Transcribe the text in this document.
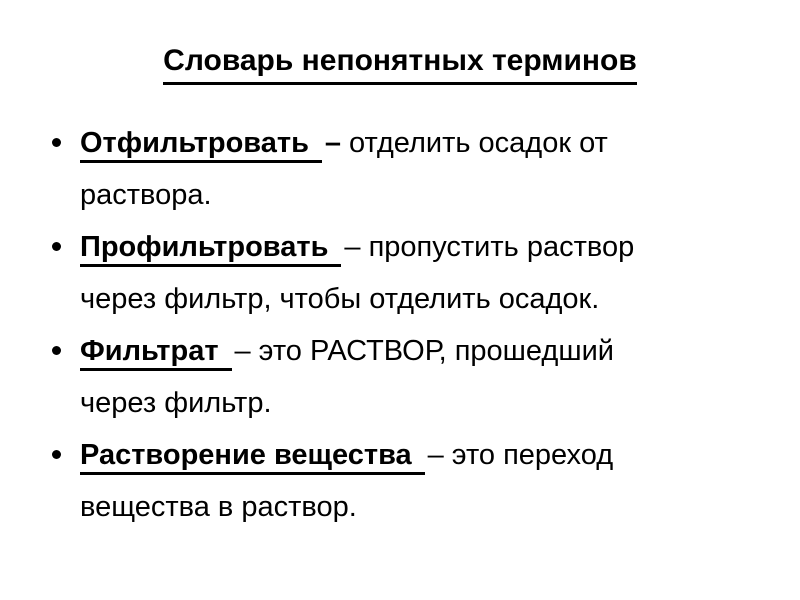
Словарь непонятных терминов
Отфильтровать – отделить осадок от
раствора.
Профильтровать – пропустить раствор
через фильтр, чтобы отделить осадок.
Фильтрат – это РАСТВОР, прошедший
через фильтр.
Растворение вещества – это переход
вещества в раствор.
